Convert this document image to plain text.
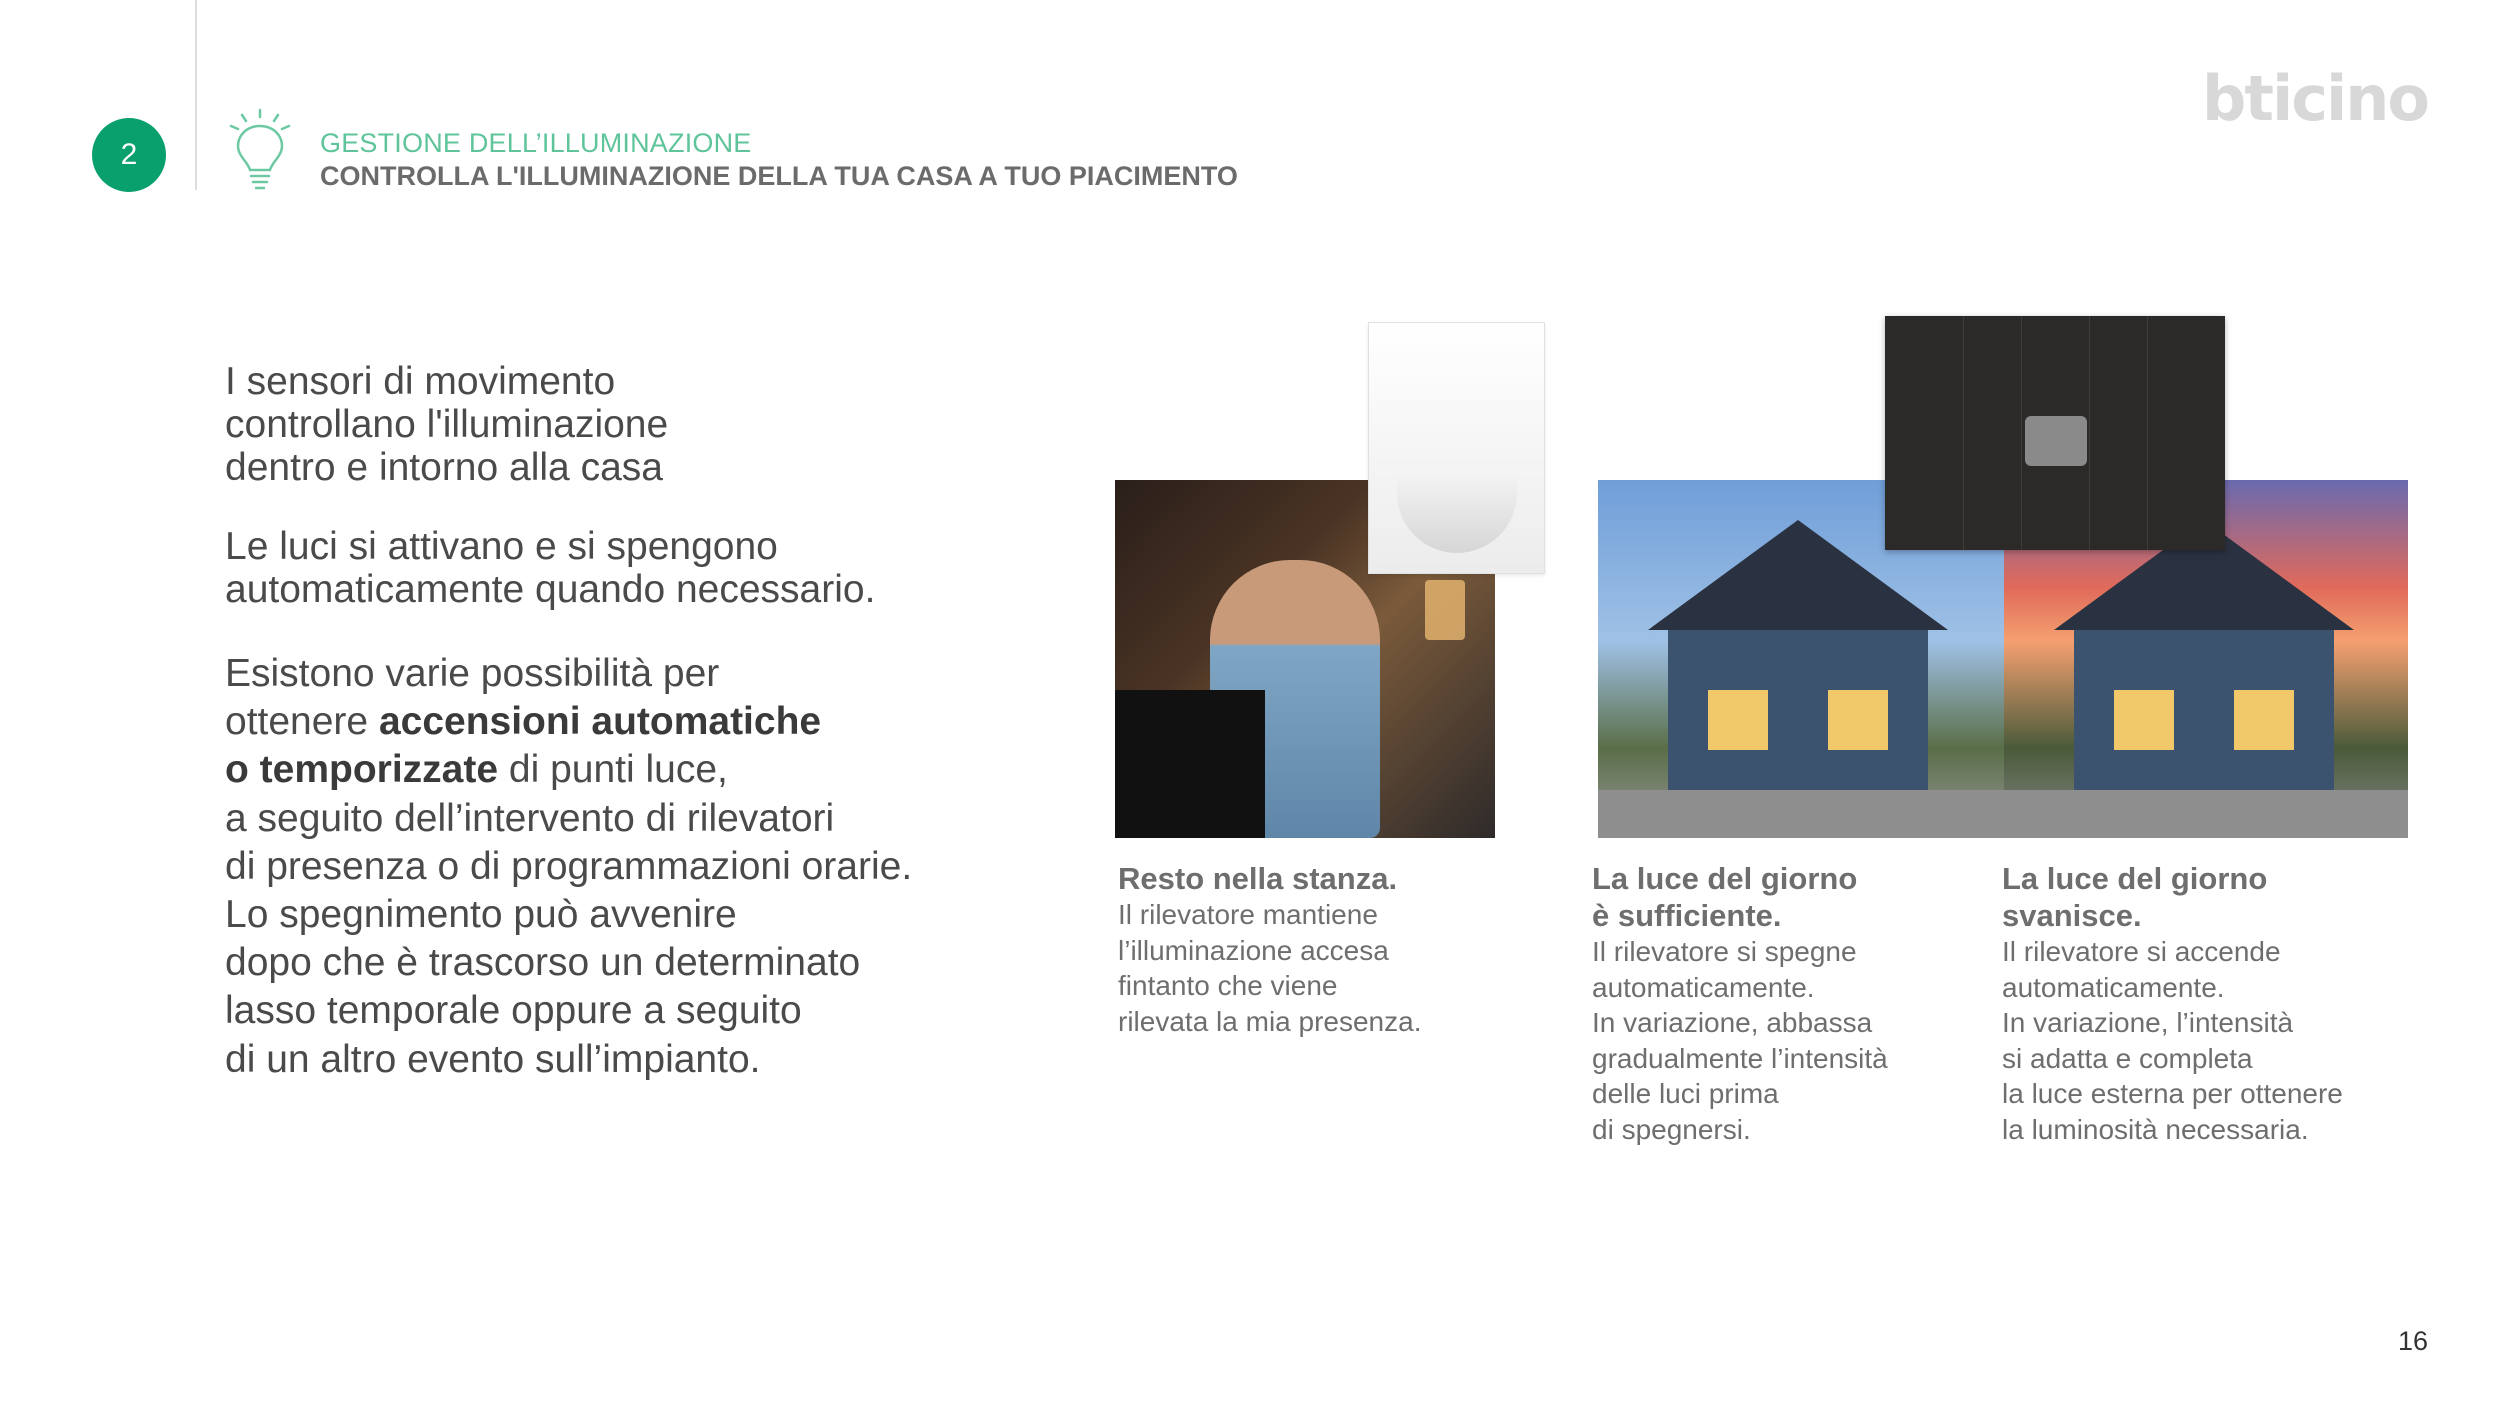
2	GESTIONE DELL’ILLUMINAZIONE
CONTROLLA L'ILLUMINAZIONE DELLA TUA CASA A TUO PIACIMENTO
bticino

I sensori di movimento

controllano l'illuminazione

dentro e intorno alla casa

Le luci si attivano e si spengono

automaticamente quando necessario.

Esistono varie possibilità per

ottenere accensioni automatiche

o temporizzate di punti luce,

a seguito dell’intervento di rilevatori

di presenza o di programmazioni orarie.

Lo spegnimento può avvenire

dopo che è trascorso un determinato

lasso temporale oppure a seguito

di un altro evento sull’impianto.

Resto nella stanza.
Il rilevatore mantiene
l’illuminazione accesa
fintanto che viene
rilevata la mia presenza.
La luce del giorno
è sufficiente.
Il rilevatore si spegne
automaticamente.
In variazione, abbassa
gradualmente l’intensità
delle luci prima
di spegnersi.
La luce del giorno
svanisce.
Il rilevatore si accende
automaticamente.
In variazione, l’intensità
si adatta e completa
la luce esterna per ottenere
la luminosità necessaria.
16
